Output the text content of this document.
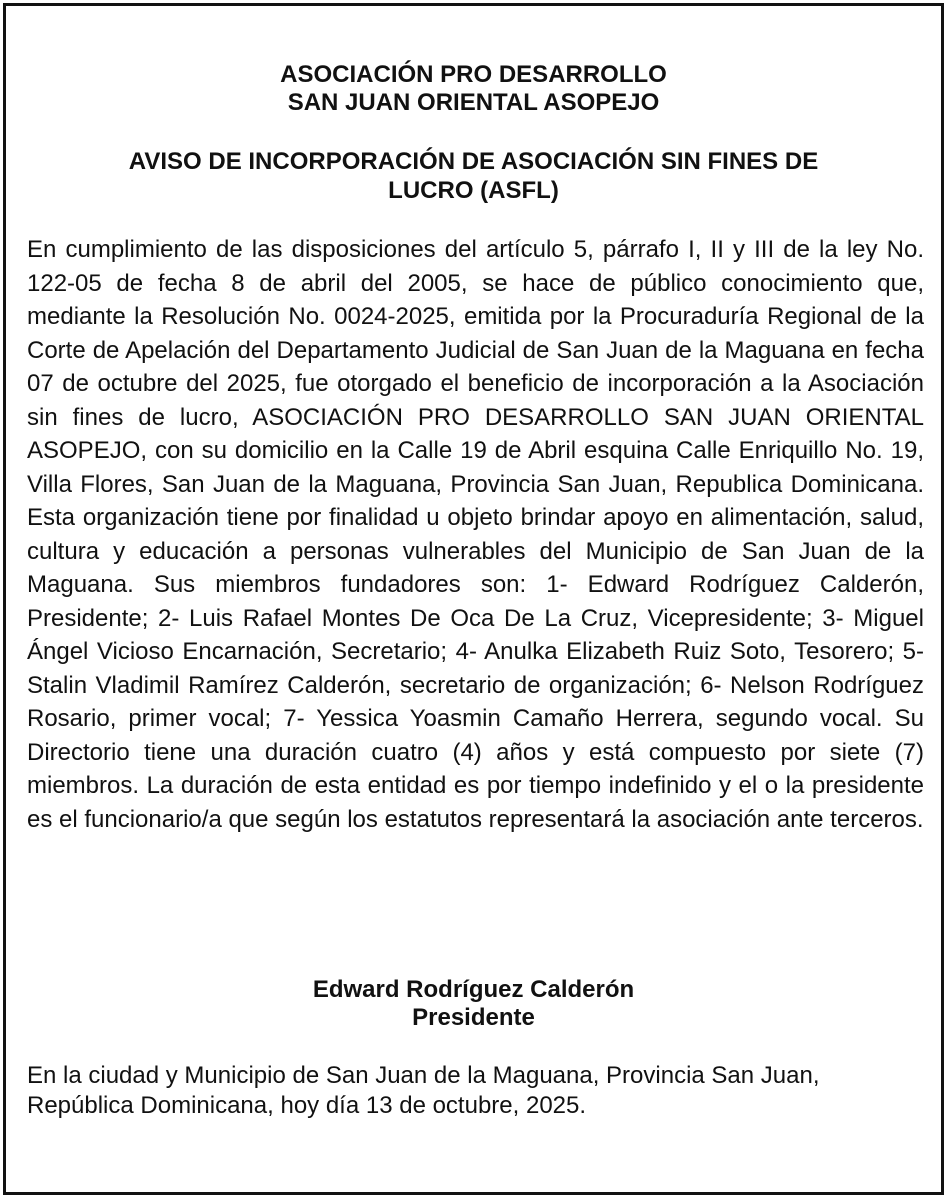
ASOCIACIÓN PRO DESARROLLO
SAN JUAN ORIENTAL ASOPEJO
AVISO DE INCORPORACIÓN DE ASOCIACIÓN SIN FINES DE
LUCRO (ASFL)

En cumplimiento de las disposiciones del artículo 5, párrafo I, II y III de la ley No. 122-05 de fecha 8 de abril del 2005, se hace de público conocimiento que, mediante la Resolución No. 0024-2025, emitida por la Procuraduría Regional de la Corte de Apelación del Departamento Judicial de San Juan de la Maguana en fecha 07 de octubre del 2025, fue otorgado el beneficio de incorporación a la Asociación sin fines de lucro, ASOCIACIÓN PRO DESARROLLO SAN JUAN ORIENTAL ASOPEJO, con su domicilio en la Calle 19 de Abril esquina Calle Enriquillo No. 19, Villa Flores, San Juan de la Maguana, Provincia San Juan, Republica Dominicana. Esta organización tiene por finalidad u objeto brindar apoyo en alimentación, salud, cultura y educación a personas vulnerables del Municipio de San Juan de la Maguana. Sus miembros fundadores son: 1- Edward Rodríguez Calderón, Presidente; 2- Luis Rafael Montes De Oca De La Cruz, Vicepresidente; 3- Miguel Ángel Vicioso Encarnación, Secretario; 4- Anulka Elizabeth Ruiz Soto, Tesorero; 5-Stalin Vladimil Ramírez Calderón, secretario de organización; 6- Nelson Rodríguez Rosario, primer vocal; 7- Yessica Yoasmin Camaño Herrera, segundo vocal. Su Directorio tiene una duración cuatro (4) años y está compuesto por siete (7) miembros. La duración de esta entidad es por tiempo indefinido y el o la presidente es el funcionario/a que según los estatutos representará la asociación ante terceros.

Edward Rodríguez Calderón
Presidente

En la ciudad y Municipio de San Juan de la Maguana, Provincia San Juan, República Dominicana, hoy día 13 de octubre, 2025.
